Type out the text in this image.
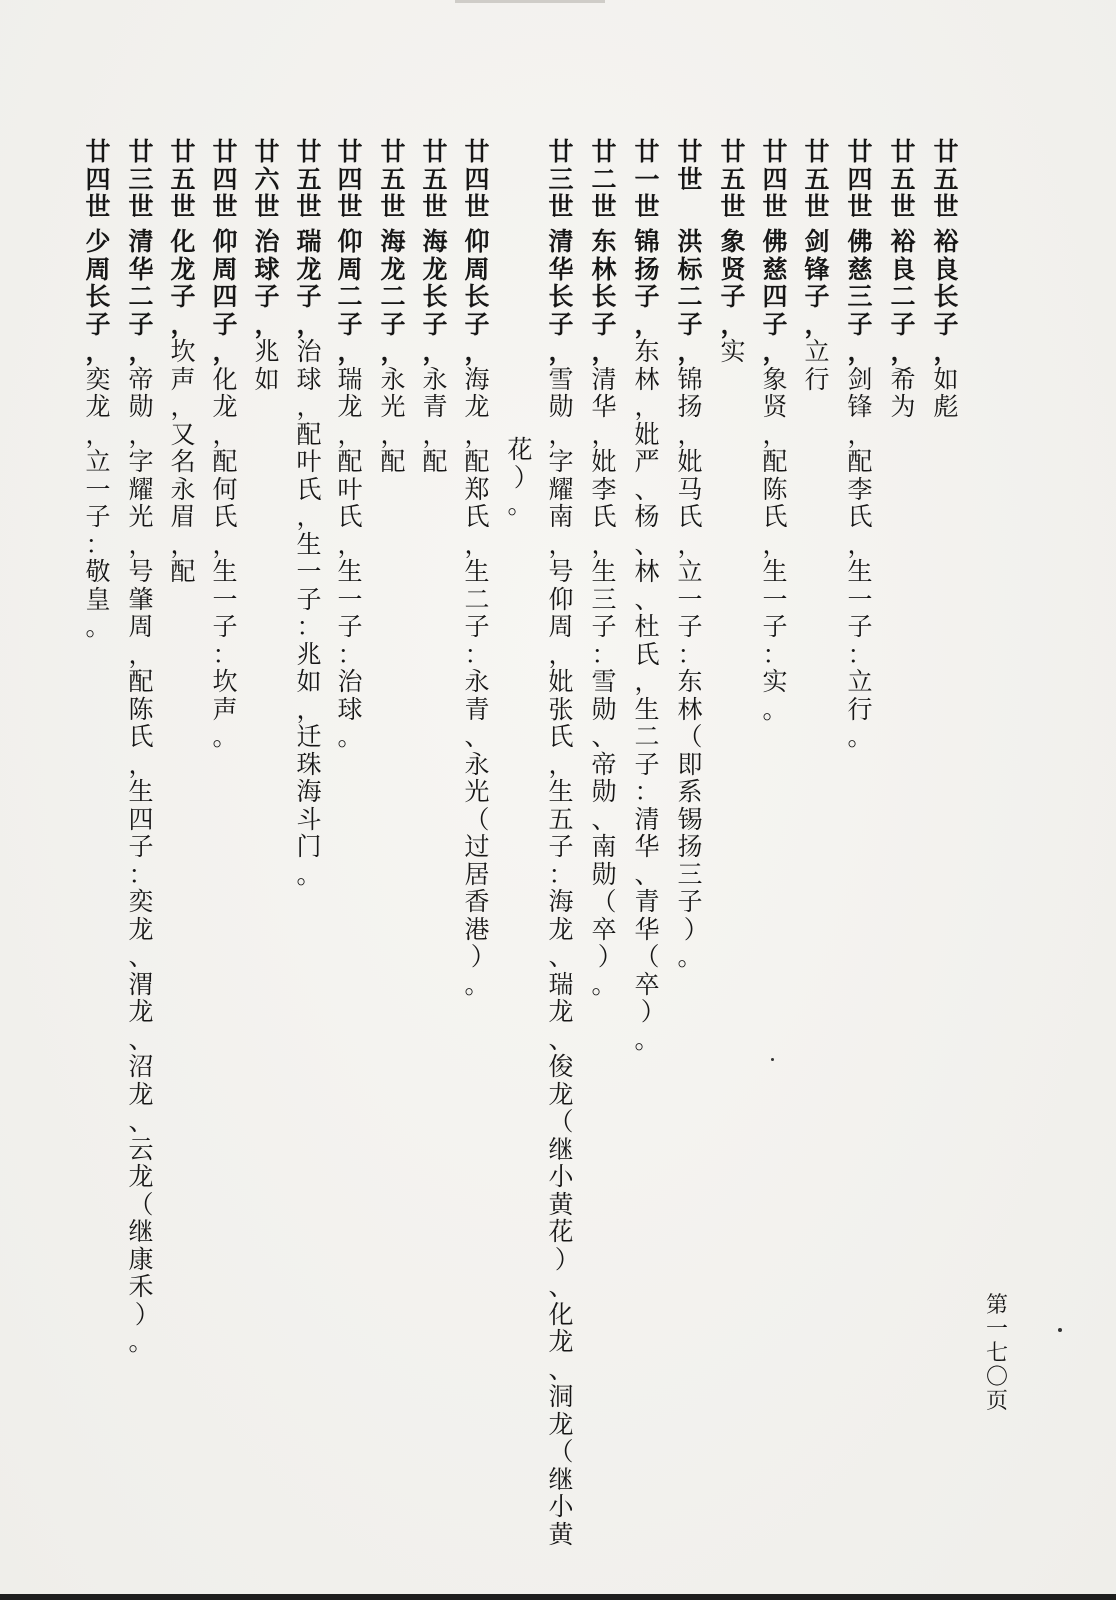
廿五世
裕良长子，如彪
廿五世
裕良二子，希为
廿四世
佛慈三子，剑锋，配李氏，生一子：立行。
廿五世
剑锋子，立行
廿四世
佛慈四子，象贤，配陈氏，生一子：实。
廿五世
象贤子，实
廿 世
洪标二子，锦扬，妣马氏，立一子：东林（即系锡扬三子）。
廿一世
锦扬子，东林，妣严、杨、林、杜氏，生二子：清华、青华（卒）。
廿二世
东林长子，清华，妣李氏，生三子：雪勋、帝勋、南勋（卒）。
廿三世
清华长子，雪勋，字耀南，号仰周，妣张氏，生五子：海龙、瑞龙、俊龙（继小黄花）、化龙、洞龙（继小黄
花）。
廿四世
仰周长子，海龙，配郑氏，生二子：永青、永光（过居香港）。
廿五世
海龙长子，永青，配
廿五世
海龙二子，永光，配
廿四世
仰周二子，瑞龙，配叶氏，生一子：治球。
廿五世
瑞龙子，治球，配叶氏，生一子：兆如，迁珠海斗门。
廿六世
治球子，兆如
廿四世
仰周四子，化龙，配何氏，生一子：坎声。
廿五世
化龙子，坎声，又名永眉，配
廿三世
清华二子，帝勋，字耀光，号肇周，配陈氏，生四子：奕龙、渭龙、沼龙、云龙（继康禾）。
廿四世
少周长子，奕龙，立一子：敬皇。
第一七〇页
